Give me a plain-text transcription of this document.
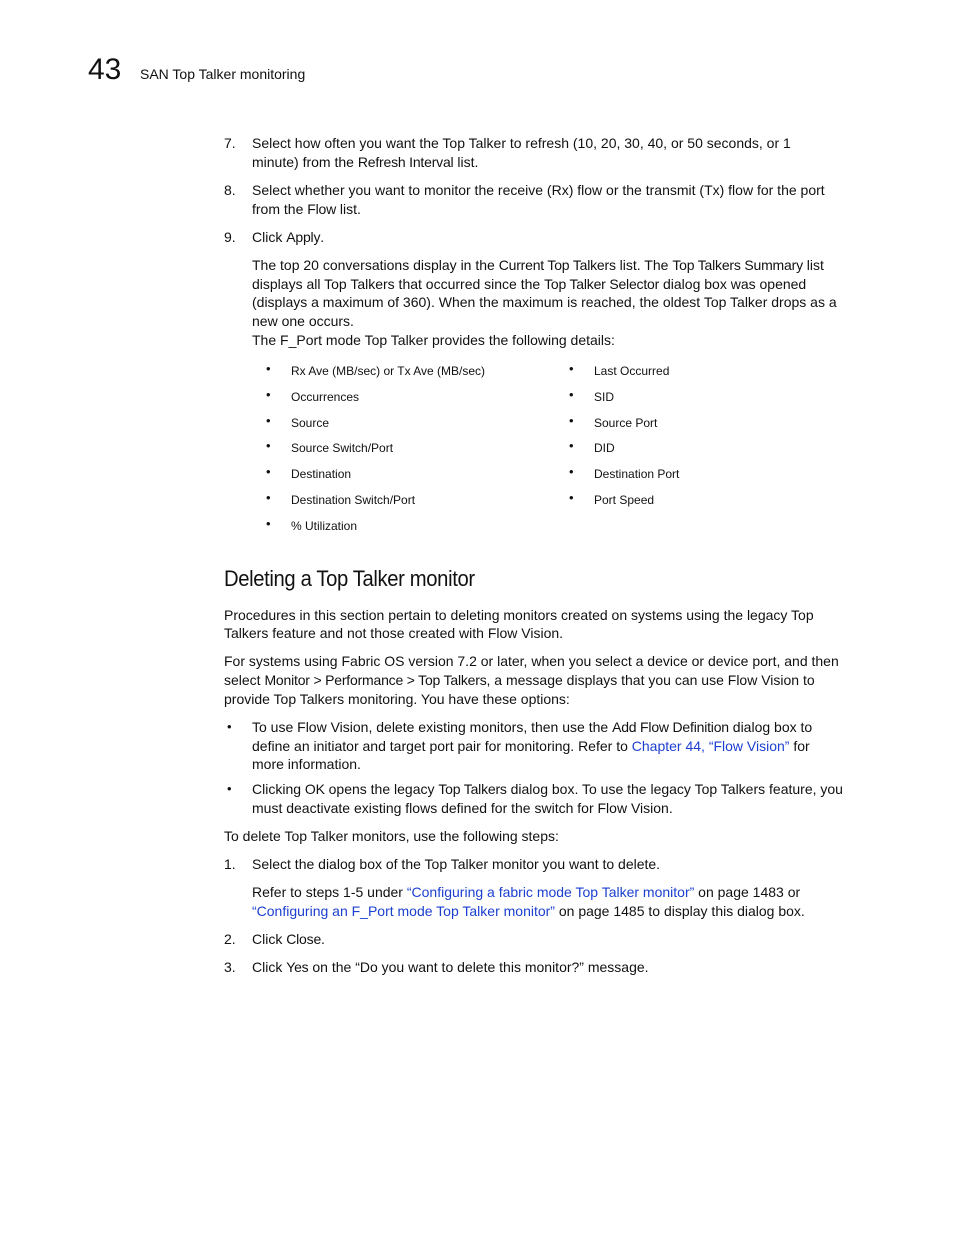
43 SAN Top Talker monitoring
7.	Select how often you want the Top Talker to refresh (10, 20, 30, 40, or 50 seconds, or 1
minute) from the Refresh Interval list.
8.	Select whether you want to monitor the receive (Rx) flow or the transmit (Tx) flow for the port
from the Flow list.
9.	Click Apply.
The top 20 conversations display in the Current Top Talkers list. The Top Talkers Summary list
displays all Top Talkers that occurred since the Top Talker Selector dialog box was opened
(displays a maximum of 360). When the maximum is reached, the oldest Top Talker drops as a
new one occurs.
The F_Port mode Top Talker provides the following details:
• Rx Ave (MB/sec) or Tx Ave (MB/sec)
• Occurrences
• Source
• Source Switch/Port
• Destination
• Destination Switch/Port
• % Utilization
• Last Occurred
• SID
• Source Port
• DID
• Destination Port
• Port Speed
Deleting a Top Talker monitor
Procedures in this section pertain to deleting monitors created on systems using the legacy Top
Talkers feature and not those created with Flow Vision.
For systems using Fabric OS version 7.2 or later, when you select a device or device port, and then
select Monitor > Performance > Top Talkers, a message displays that you can use Flow Vision to
provide Top Talkers monitoring. You have these options:
• To use Flow Vision, delete existing monitors, then use the Add Flow Definition dialog box to
define an initiator and target port pair for monitoring. Refer to Chapter 44, “Flow Vision” for
more information.
• Clicking OK opens the legacy Top Talkers dialog box. To use the legacy Top Talkers feature, you
must deactivate existing flows defined for the switch for Flow Vision.
To delete Top Talker monitors, use the following steps:
1.	Select the dialog box of the Top Talker monitor you want to delete.
Refer to steps 1-5 under “Configuring a fabric mode Top Talker monitor” on page 1483 or
“Configuring an F_Port mode Top Talker monitor” on page 1485 to display this dialog box.
2.	Click Close.
3.	Click Yes on the “Do you want to delete this monitor?” message.
